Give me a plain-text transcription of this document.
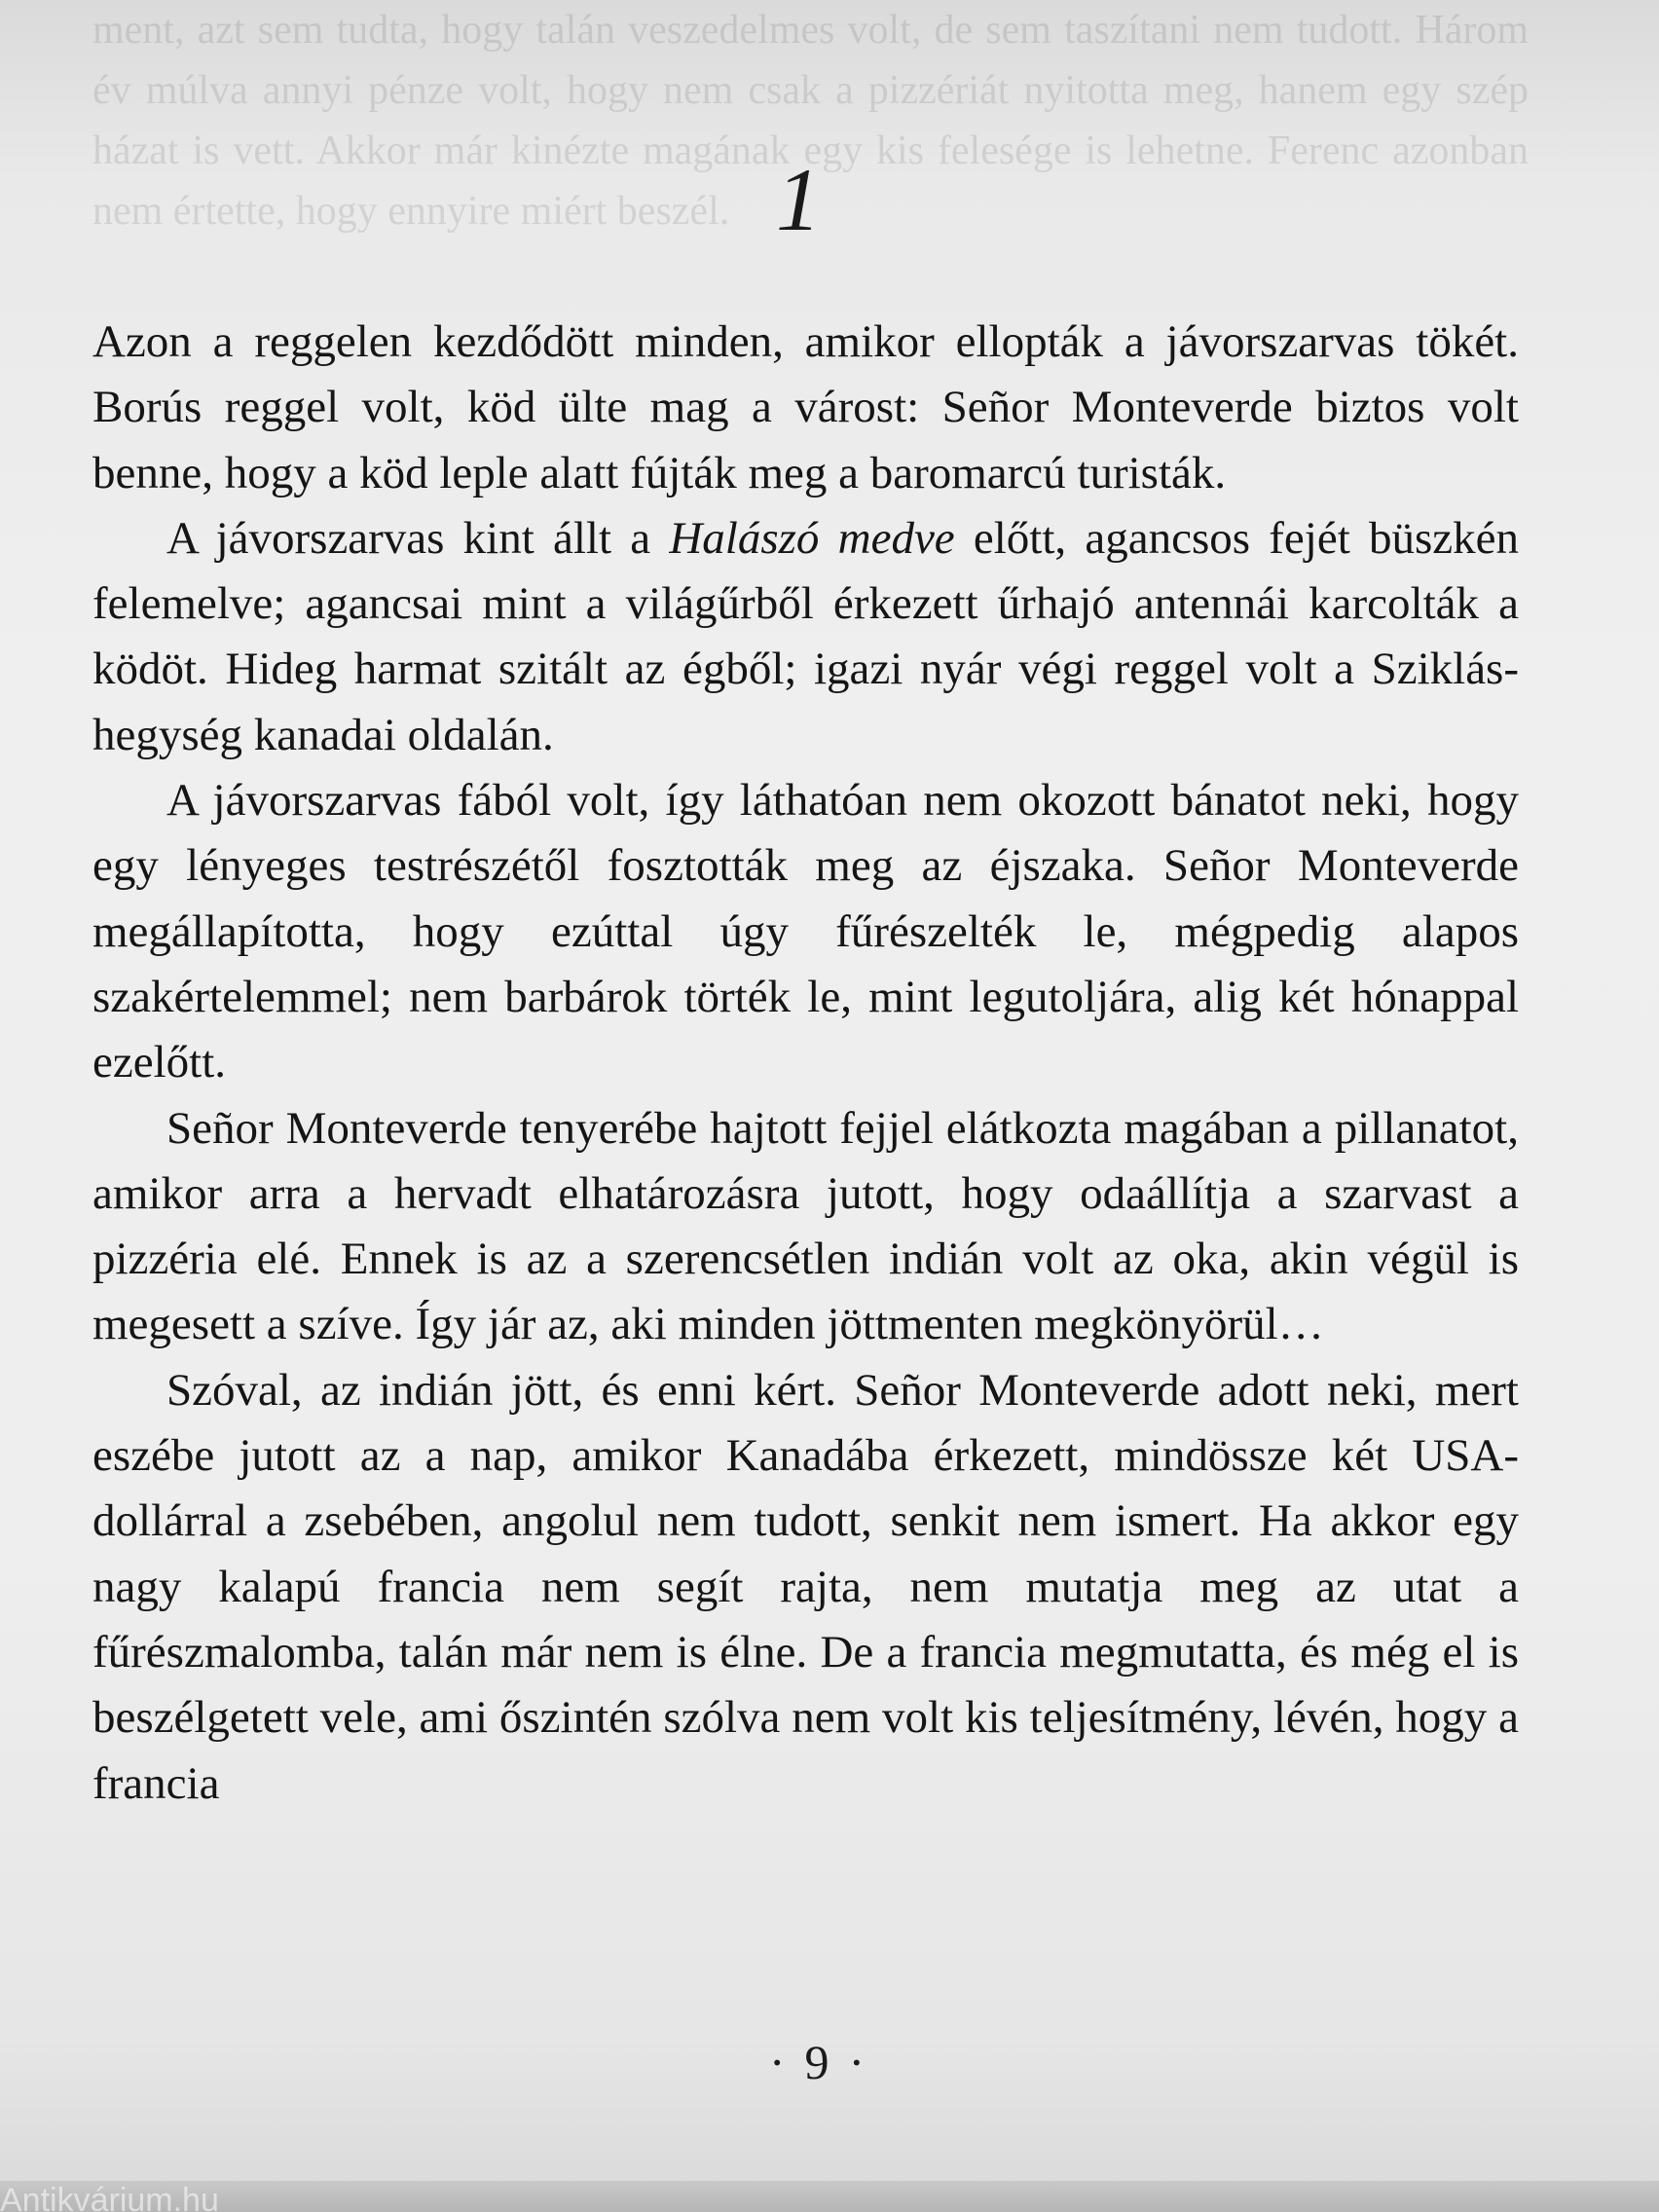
ment, azt sem tudta, hogy talán veszedelmes volt, de sem taszítani nem tudott. Három év múlva annyi pénze volt, hogy nem csak a pizzériát nyitotta meg, hanem egy szép házat is vett. Akkor már kinézte magának egy kis felesége is lehetne. Ferenc azonban nem értette, hogy ennyire miért beszél. 1

Azon a reggelen kezdődött minden, amikor ellopták a jávorszarvas tökét. Borús reggel volt, köd ülte mag a várost: Señor Monteverde biztos volt benne, hogy a köd leple alatt fújták meg a baromarcú turisták.

A jávorszarvas kint állt a Halászó medve előtt, agancsos fejét büszkén felemelve; agancsai mint a világűrből érkezett űrhajó antennái karcolták a ködöt. Hideg harmat szitált az égből; igazi nyár végi reggel volt a Sziklás-hegység kanadai oldalán.

A jávorszarvas fából volt, így láthatóan nem okozott bánatot neki, hogy egy lényeges testrészétől fosztották meg az éjszaka. Señor Monteverde megállapította, hogy ezúttal úgy fűrészelték le, mégpedig alapos szakértelemmel; nem barbárok törték le, mint legutoljára, alig két hónappal ezelőtt.

Señor Monteverde tenyerébe hajtott fejjel elátkozta magában a pillanatot, amikor arra a hervadt elhatározásra jutott, hogy odaállítja a szarvast a pizzéria elé. Ennek is az a szerencsétlen indián volt az oka, akin végül is megesett a szíve. Így jár az, aki minden jöttmenten megkönyörül…

Szóval, az indián jött, és enni kért. Señor Monteverde adott neki, mert eszébe jutott az a nap, amikor Kanadába érkezett, mindössze két USA-dollárral a zsebében, angolul nem tudott, senkit nem ismert. Ha akkor egy nagy kalapú francia nem segít rajta, nem mutatja meg az utat a fűrészmalomba, talán már nem is élne. De a francia megmutatta, és még el is beszélgetett vele, ami őszintén szólva nem volt kis teljesítmény, lévén, hogy a francia

· 9 ·
Antikvárium.hu
